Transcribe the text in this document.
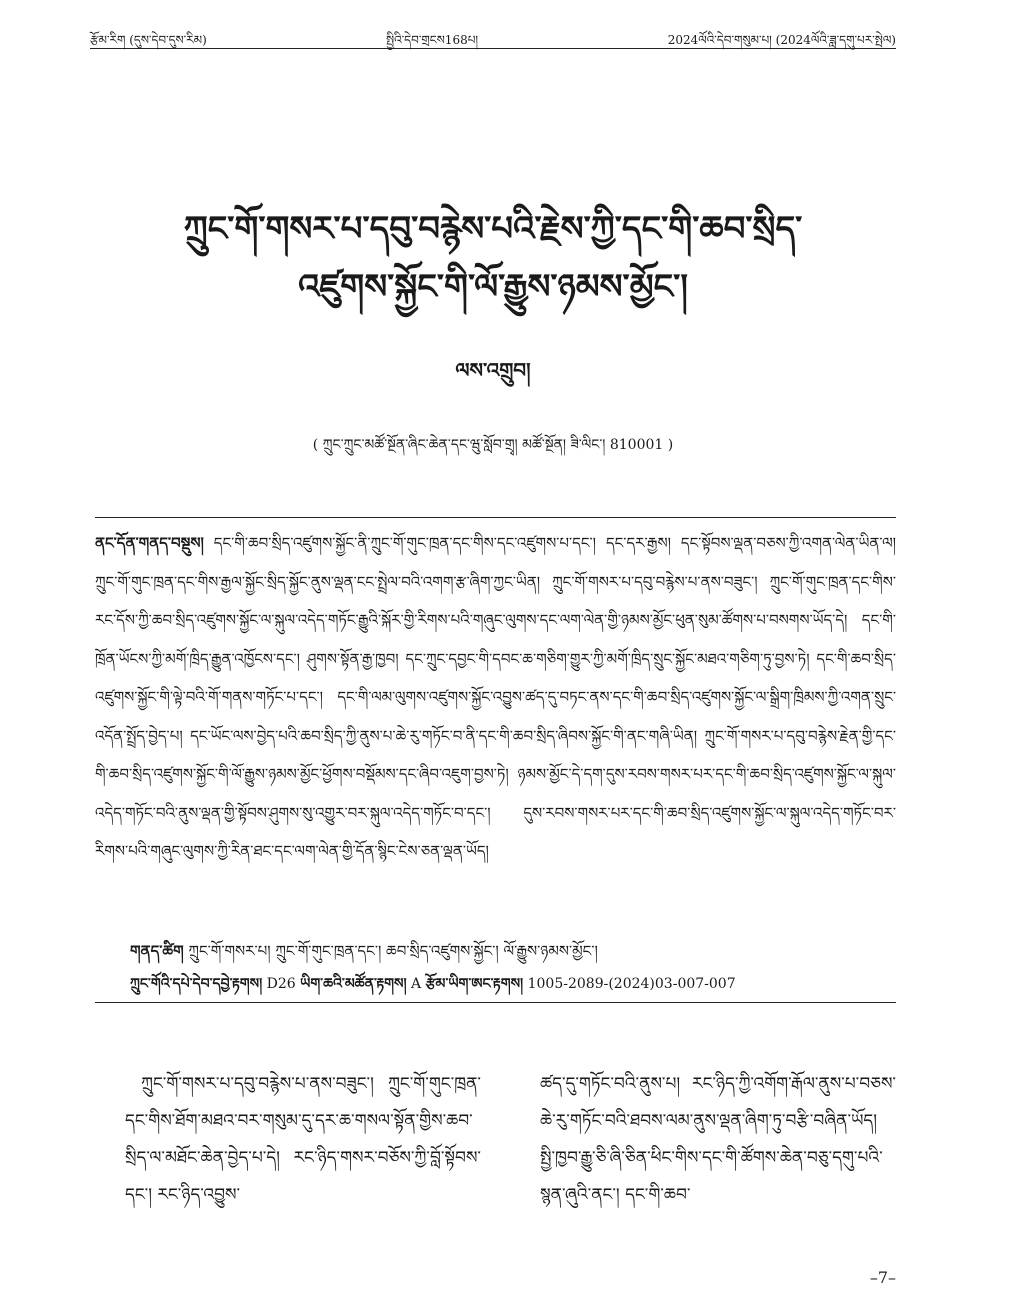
རྩོམ་རིག (དུས་དེབ་དུས་རིམ)	སྤྱིའི་དེབ་གྲངས168པ།	2024ལོའི་དེབ་གསུམ་པ། (2024ལོའི་ཟླ་དགུ་པར་སྤེལ)
ཀྲུང་གོ་གསར་པ་དབུ་བརྙེས་པའི་རྗེས་ཀྱི་དང་གི་ཆབ་སྲིད་
འཛུགས་སྐྱོང་གི་ལོ་རྒྱུས་ཉམས་མྱོང་།
ལས་འགྲུབ།
( ཀྲུང་ཀྲུང་མཚོ་སྔོན་ཞིང་ཆེན་དང་ཝུ་སློབ་གྲྭ། མཚོ་སྔོན། ཟི་ལིང་། 810001 )
ནང་དོན་གནད་བསྡུས། དང་གི་ཆབ་སྲིད་འཛུགས་སྐྱོང་ནི་ཀྲུང་གོ་གུང་ཁྲན་དང་གིས་དང་འཛུགས་པ་དང་། དང་དར་རྒྱས། དང་སྟོབས་ལྡན་བཅས་ཀྱི་འགན་ལེན་ཡིན་ལ། ཀྲུང་གོ་གུང་ཁྲན་དང་གིས་རྒྱལ་སྐྱོང་སྲིད་སྐྱོང་ནུས་ལྡན་ངང་སྤྲེལ་བའི་འགག་རྩ་ཞིག་ཀྱང་ཡིན། ཀྲུང་གོ་གསར་པ་དབུ་བརྙེས་པ་ནས་བཟུང་། ཀྲུང་གོ་གུང་ཁྲན་དང་གིས་རང་དོས་ཀྱི་ཆབ་སྲིད་འཛུགས་སྐྱོང་ལ་སྐུལ་འདེད་གཏོང་རྒྱུའི་སྐོར་གྱི་རིགས་པའི་གཞུང་ལུགས་དང་ལག་ལེན་གྱི་ཉམས་མྱོང་ཕུན་སུམ་ཚོགས་པ་བསགས་ཡོད་དེ། དང་གི་ཁྲོན་ཡོངས་ཀྱི་མགོ་ཁྲིད་རྒྱུན་འཁྱོངས་དང་། ཤུགས་སྟོན་རྒྱ་ཁྱབ། དང་ཀྲུང་དབྱང་གི་དབང་ཆ་གཅིག་གྱུར་ཀྱི་མགོ་ཁྲིད་སྲུང་སྐྱོང་མཐའ་གཅིག་ཏུ་བྱས་ཏེ། དང་གི་ཆབ་སྲིད་འཛུགས་སྐྱོང་གི་ལྟེ་བའི་གོ་གནས་གཏོང་པ་དང་། དང་གི་ལམ་ལུགས་འཛུགས་སྐྱོང་འབྱུས་ཚད་དུ་བཏང་ནས་དང་གི་ཆབ་སྲིད་འཛུགས་སྐྱོང་ལ་སྒྲིག་ཁྲིམས་ཀྱི་འགན་སྲུང་འདོན་སྤྲོད་བྱེད་པ། དང་ཡོང་ལས་བྱེད་པའི་ཆབ་སྲིད་ཀྱི་ནུས་པ་ཆེ་རུ་གཏོང་བ་ནི་དང་གི་ཆབ་སྲིད་ཞིབས་སྐྱོང་གི་ནང་གཞི་ཡིན། ཀྲུང་གོ་གསར་པ་དབུ་བརྙེས་རྗེན་གྱི་དང་གི་ཆབ་སྲིད་འཛུགས་སྐྱོང་གི་ལོ་རྒྱུས་ཉམས་མྱོང་ཕྱོགས་བསྡོམས་དང་ཞིབ་འཇུག་བྱས་ཏེ། ཉམས་མྱོང་དེ་དག་དུས་རབས་གསར་པར་དང་གི་ཆབ་སྲིད་འཛུགས་སྐྱོང་ལ་སྐུལ་འདེད་གཏོང་བའི་ནུས་ལྡན་གྱི་སྟོབས་ཤུགས་སུ་འགྱུར་བར་སྐུལ་འདེད་གཏོང་བ་དང་། དུས་རབས་གསར་པར་དང་གི་ཆབ་སྲིད་འཛུགས་སྐྱོང་ལ་སྐུལ་འདེད་གཏོང་བར་རིགས་པའི་གཞུང་ལུགས་ཀྱི་རིན་ཐང་དང་ལག་ལེན་གྱི་དོན་སྙིང་ངེས་ཅན་ལྡན་ཡོད།
གནད་ཚིག ཀྲུང་གོ་གསར་པ། ཀྲུང་གོ་གུང་ཁྲན་དང་། ཆབ་སྲིད་འཛུགས་སྐྱོང་། ལོ་རྒྱུས་ཉམས་མྱོང་།
ཀྲུང་གོའི་དཔེ་དེབ་དབྱེ་རྟགས། D26 ཡིག་ཆའི་མཚོན་རྟགས། A རྩོམ་ཡིག་ཨང་རྟགས། 1005-2089-(2024)03-007-007
ཀྲུང་གོ་གསར་པ་དབུ་བརྙེས་པ་ནས་བཟུང་། ཀྲུང་གོ་གུང་ཁྲན་དང་གིས་ཐོག་མཐའ་བར་གསུམ་དུ་དར་ཆ་གསལ་སྟོན་གྱིས་ཆབ་སྲིད་ལ་མཐོང་ཆེན་བྱེད་པ་དེ། རང་ཉིད་གསར་བཅོས་ཀྱི་བློ་སྟོབས་དང་། རང་ཉིད་འབྱུས་
ཚད་དུ་གཏོང་བའི་ནུས་པ། རང་ཉིད་ཀྱི་འགོག་རྒོལ་ནུས་པ་བཅས་ཆེ་རུ་གཏོང་བའི་ཐབས་ལམ་ནུས་ལྡན་ཞིག་ཏུ་བརྩི་བཞིན་ཡོད། སྤྱི་ཁྱབ་རྒྱུ་ཅི་ཞི་ཅིན་ཕིང་གིས་དང་གི་ཚོགས་ཆེན་བཅུ་དགུ་པའི་སྙན་ཞུའི་ནང་། དང་གི་ཆབ་
–7–
